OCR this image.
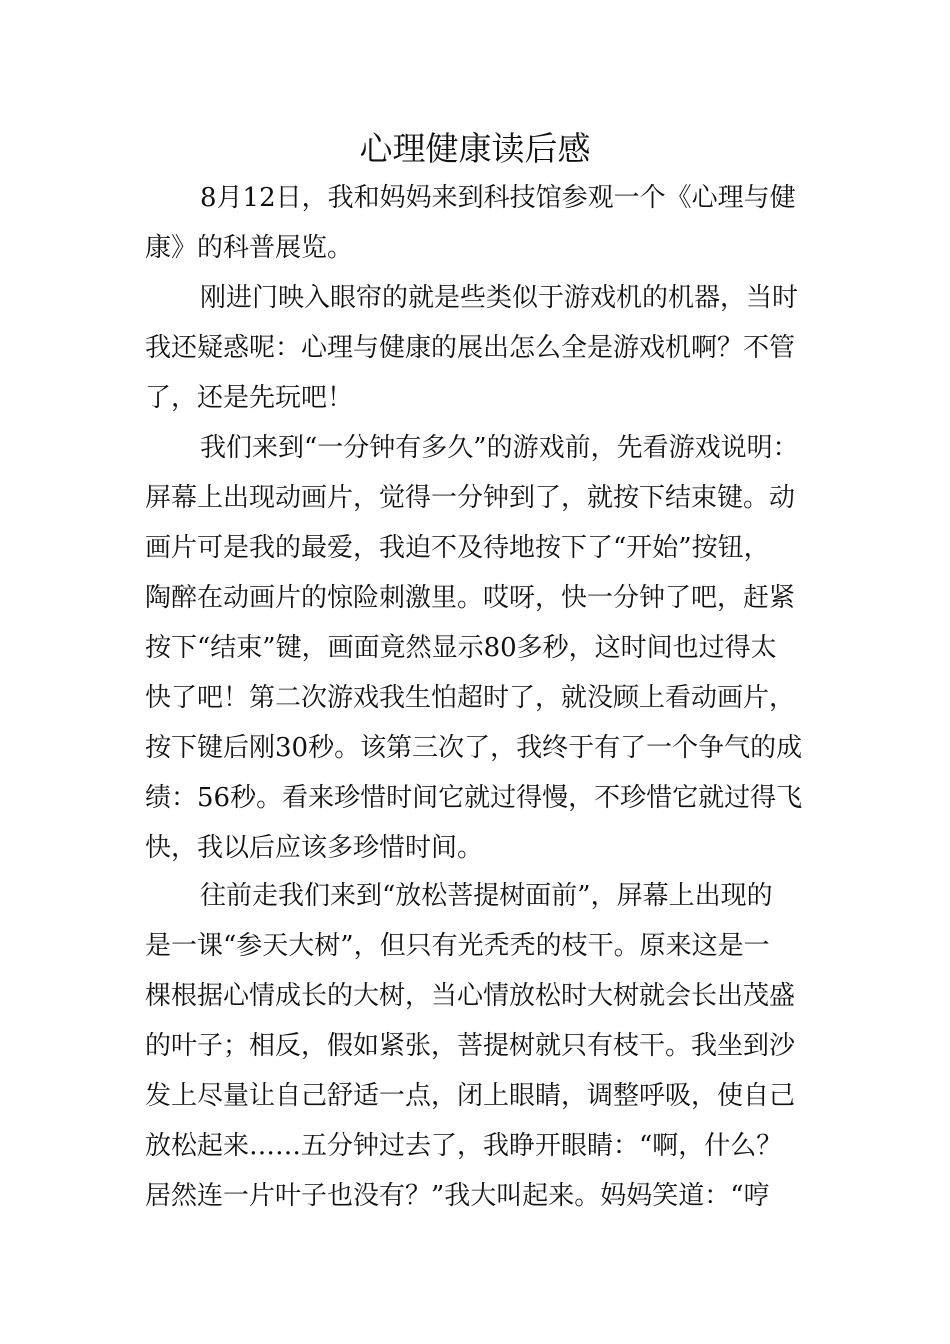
心理健康读后感
8月12日，我和妈妈来到科技馆参观一个《心理与健
康》的科普展览。
刚进门映入眼帘的就是些类似于游戏机的机器，当时
我还疑惑呢：心理与健康的展出怎么全是游戏机啊？不管
了，还是先玩吧！
我们来到“一分钟有多久”的游戏前，先看游戏说明：
屏幕上出现动画片，觉得一分钟到了，就按下结束键。动
画片可是我的最爱，我迫不及待地按下了“开始”按钮，
陶醉在动画片的惊险刺激里。哎呀，快一分钟了吧，赶紧
按下“结束”键，画面竟然显示80多秒，这时间也过得太
快了吧！第二次游戏我生怕超时了，就没顾上看动画片，
按下键后刚30秒。该第三次了，我终于有了一个争气的成
绩：56秒。看来珍惜时间它就过得慢，不珍惜它就过得飞
快，我以后应该多珍惜时间。
往前走我们来到“放松菩提树面前”，屏幕上出现的
是一课“参天大树”，但只有光秃秃的枝干。原来这是一
棵根据心情成长的大树，当心情放松时大树就会长出茂盛
的叶子；相反，假如紧张，菩提树就只有枝干。我坐到沙
发上尽量让自己舒适一点，闭上眼睛，调整呼吸，使自己
放松起来……五分钟过去了，我睁开眼睛：“啊，什么？
居然连一片叶子也没有？”我大叫起来。妈妈笑道：“哼
